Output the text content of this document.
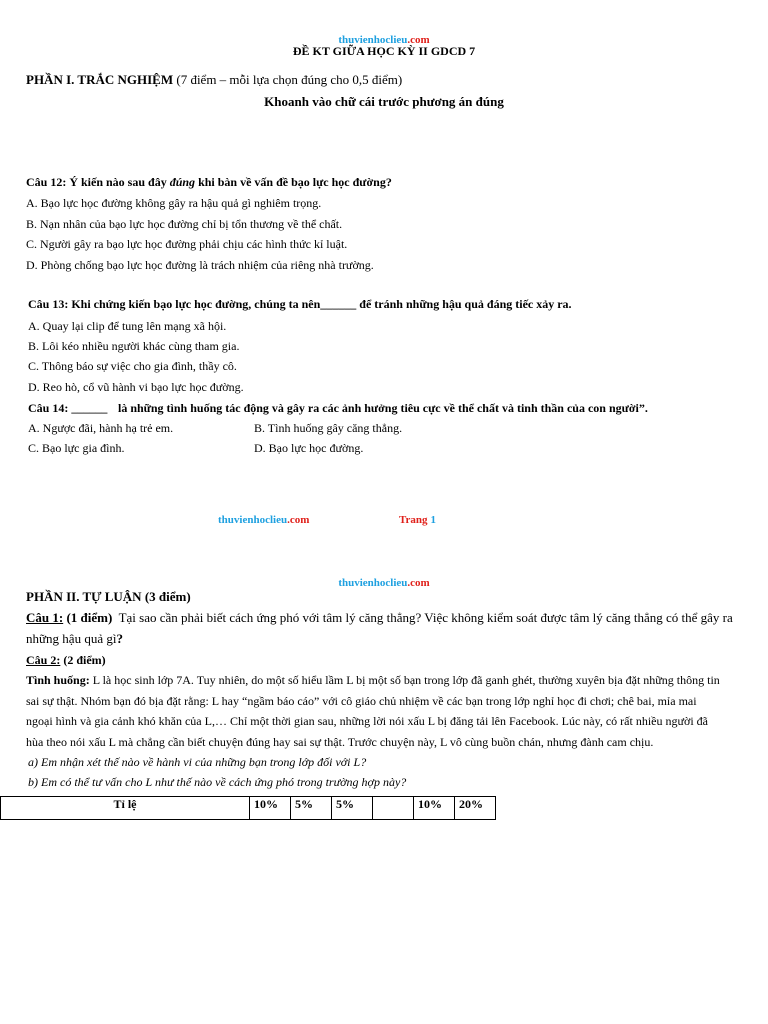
thuvienhoclieu.com
ĐỀ KT GIỮA HỌC KỲ II GDCD 7
PHẦN I. TRẮC NGHIỆM (7 điểm – mỗi lựa chọn đúng cho 0,5 điểm)
Khoanh vào chữ cái trước phương án đúng
Câu 12: Ý kiến nào sau đây đúng khi bàn về vấn đề bạo lực học đường?
A. Bạo lực học đường không gây ra hậu quả gì nghiêm trọng.
B. Nạn nhân của bạo lực học đường chỉ bị tổn thương về thể chất.
C. Người gây ra bạo lực học đường phải chịu các hình thức kỉ luật.
D. Phòng chống bạo lực học đường là trách nhiệm của riêng nhà trường.
Câu 13: Khi chứng kiến bạo lực học đường, chúng ta nên______ để tránh những hậu quả đáng tiếc xảy ra.
A. Quay lại clip để tung lên mạng xã hội.
B. Lôi kéo nhiều người khác cùng tham gia.
C. Thông báo sự việc cho gia đình, thầy cô.
D. Reo hò, cổ vũ hành vi bạo lực học đường.
Câu 14: ______ là những tình huống tác động và gây ra các ảnh hưởng tiêu cực về thể chất và tinh thần của con người”.
A. Ngược đãi, hành hạ trẻ em.	B. Tình huống gây căng thẳng.
C. Bạo lực gia đình.	D. Bạo lực học đường.
thuvienhoclieu.com	Trang 1
thuvienhoclieu.com
PHẦN II. TỰ LUẬN (3 điểm)
Câu 1: (1 điểm) Tại sao cần phải biết cách ứng phó với tâm lý căng thẳng? Việc không kiểm soát được tâm lý căng thẳng có thể gây ra
những hậu quả gì?
Câu 2: (2 điểm)
Tình huống: L là học sinh lớp 7A. Tuy nhiên, do một số hiểu lầm L bị một số bạn trong lớp đã ganh ghét, thường xuyên bịa đặt những thông tin
sai sự thật. Nhóm bạn đó bịa đặt rằng: L hay “ngầm báo cáo” với cô giáo chủ nhiệm về các bạn trong lớp nghỉ học đi chơi; chê bai, mỉa mai
ngoại hình và gia cảnh khó khăn của L,… Chỉ một thời gian sau, những lời nói xấu L bị đăng tải lên Facebook. Lúc này, có rất nhiều người đã
hùa theo nói xấu L mà chẳng cần biết chuyện đúng hay sai sự thật. Trước chuyện này, L vô cùng buồn chán, nhưng đành cam chịu.
a) Em nhận xét thế nào về hành vi của những bạn trong lớp đối với L?
b) Em có thể tư vấn cho L như thế nào về cách ứng phó trong trường hợp này?
Tỉ lệ	10%	5%	5%		10%	20%
